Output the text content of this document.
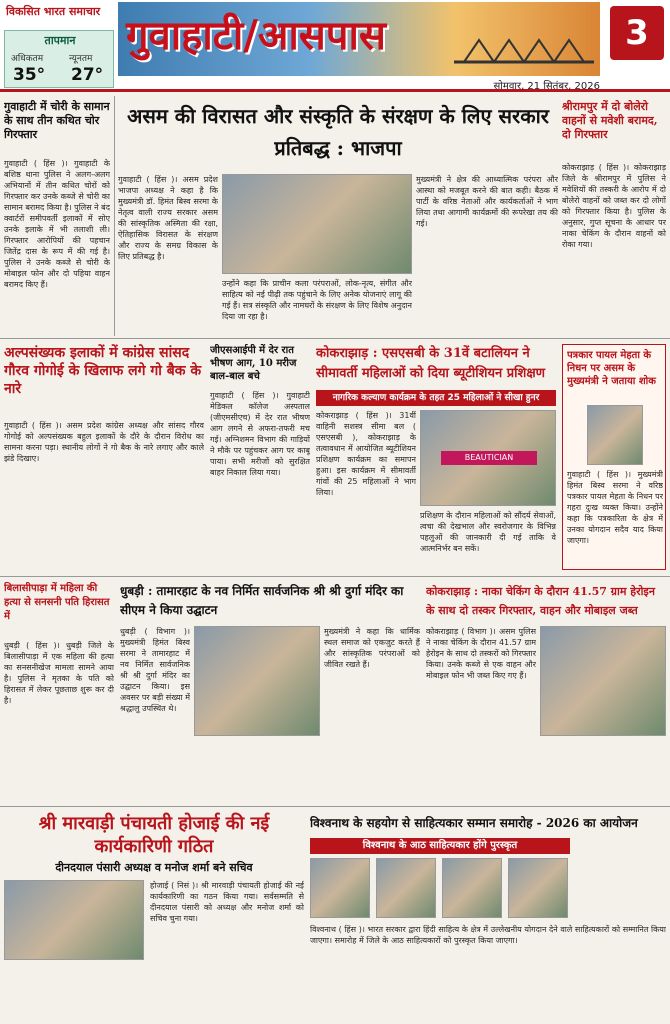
विकसित भारत समाचार
तापमान
अधिकतम	न्यूनतम
35° 27°
गुवाहाटी/आसपास	3
सोमवार, 21 सितंबर, 2026
गुवाहाटी में चोरी के सामान के साथ तीन कथित चोर गिरफ्तार
गुवाहाटी ( हिंस )। गुवाहाटी के बशिष्ठ थाना पुलिस ने अलग-अलग अभियानों में तीन कथित चोरों को गिरफ्तार कर उनके कब्जे से चोरी का सामान बरामद किया है। पुलिस ने बंद क्वार्टरों समीपवर्ती इलाकों में सोए उनके इलाके में भी तलाशी ली। गिरफ्तार आरोपियों की पहचान जितेंद्र दास के रूप में की गई है। पुलिस ने उनके कब्जे से चोरी के मोबाइल फोन और दो पहिया वाहन बरामद किए हैं।
असम की विरासत और संस्कृति के संरक्षण के लिए सरकार प्रतिबद्ध : भाजपा
गुवाहाटी ( हिंस )। असम प्रदेश भाजपा अध्यक्ष ने कहा है कि मुख्यमंत्री डॉ. हिमंत बिस्व सरमा के नेतृत्व वाली राज्य सरकार असम की सांस्कृतिक अस्मिता की रक्षा, ऐतिहासिक विरासत के संरक्षण और राज्य के समग्र विकास के लिए प्रतिबद्ध है।
उन्होंने कहा कि प्राचीन कला परंपराओं, लोक-नृत्य, संगीत और साहित्य को नई पीढ़ी तक पहुंचाने के लिए अनेक योजनाएं लागू की गई हैं। सत्र संस्कृति और नामघरों के संरक्षण के लिए विशेष अनुदान दिया जा रहा है।
मुख्यमंत्री ने क्षेत्र की आध्यात्मिक परंपरा और आस्था को मजबूत करने की बात कही। बैठक में पार्टी के वरिष्ठ नेताओं और कार्यकर्ताओं ने भाग लिया तथा आगामी कार्यक्रमों की रूपरेखा तय की गई।
श्रीरामपुर में दो बोलेरो वाहनों से मवेशी बरामद, दो गिरफ्तार
कोकराझाड़ ( हिंस )। कोकराझाड़ जिले के श्रीरामपुर में पुलिस ने मवेशियों की तस्करी के आरोप में दो बोलेरो वाहनों को जब्त कर दो लोगों को गिरफ्तार किया है। पुलिस के अनुसार, गुप्त सूचना के आधार पर नाका चेकिंग के दौरान वाहनों को रोका गया।
अल्पसंख्यक इलाकों में कांग्रेस सांसद गौरव गोगोई के खिलाफ लगे गो बैक के नारे
गुवाहाटी ( हिंस )। असम प्रदेश कांग्रेस अध्यक्ष और सांसद गौरव गोगोई को अल्पसंख्यक बहुल इलाकों के दौरे के दौरान विरोध का सामना करना पड़ा। स्थानीय लोगों ने गो बैक के नारे लगाए और काले झंडे दिखाए।
जीएसआईपी में देर रात भीषण आग, 10 मरीज बाल-बाल बचे
गुवाहाटी ( हिंस )। गुवाहाटी मेडिकल कॉलेज अस्पताल (जीएमसीएच) में देर रात भीषण आग लगने से अफरा-तफरी मच गई। अग्निशमन विभाग की गाड़ियों ने मौके पर पहुंचकर आग पर काबू पाया। सभी मरीजों को सुरक्षित बाहर निकाल लिया गया।
कोकराझाड़ : एसएसबी के 31वें बटालियन ने सीमावर्ती महिलाओं को दिया ब्यूटीशियन प्रशिक्षण
नागरिक कल्याण कार्यक्रम के तहत 25 महिलाओं ने सीखा हुनर
कोकराझाड़ ( हिंस )। 31वीं वाहिनी सशस्त्र सीमा बल ( एसएसबी ), कोकराझाड़ के तत्वावधान में आयोजित ब्यूटीशियन प्रशिक्षण कार्यक्रम का समापन हुआ। इस कार्यक्रम में सीमावर्ती गांवों की 25 महिलाओं ने भाग लिया।
BEAUTICIAN
प्रशिक्षण के दौरान महिलाओं को सौंदर्य सेवाओं, त्वचा की देखभाल और स्वरोजगार के विभिन्न पहलुओं की जानकारी दी गई ताकि वे आत्मनिर्भर बन सकें।
पत्रकार पायल मेहता के निधन पर असम के मुख्यमंत्री ने जताया शोक
गुवाहाटी ( हिंस )। मुख्यमंत्री हिमंत बिस्व सरमा ने वरिष्ठ पत्रकार पायल मेहता के निधन पर गहरा दुःख व्यक्त किया। उन्होंने कहा कि पत्रकारिता के क्षेत्र में उनका योगदान सदैव याद किया जाएगा।
बिलासीपाड़ा में महिला की हत्या से सनसनी पति हिरासत में
धुबड़ी ( हिंस )। धुबड़ी जिले के बिलासीपाड़ा में एक महिला की हत्या का सनसनीखेज मामला सामने आया है। पुलिस ने मृतका के पति को हिरासत में लेकर पूछताछ शुरू कर दी है।
धुबड़ी : तामारहाट के नव निर्मित सार्वजनिक श्री श्री दुर्गा मंदिर का सीएम ने किया उद्घाटन
धुबड़ी ( विभाग )। मुख्यमंत्री हिमंत बिस्व सरमा ने तामारहाट में नव निर्मित सार्वजनिक श्री श्री दुर्गा मंदिर का उद्घाटन किया। इस अवसर पर बड़ी संख्या में श्रद्धालु उपस्थित थे।
मुख्यमंत्री ने कहा कि धार्मिक स्थल समाज को एकजुट करते हैं और सांस्कृतिक परंपराओं को जीवित रखते हैं।
कोकराझाड़ : नाका चेकिंग के दौरान 41.57 ग्राम हेरोइन के साथ दो तस्कर गिरफ्तार, वाहन और मोबाइल जब्त
कोकराझाड़ ( विभाग )। असम पुलिस ने नाका चेकिंग के दौरान 41.57 ग्राम हेरोइन के साथ दो तस्करों को गिरफ्तार किया। उनके कब्जे से एक वाहन और मोबाइल फोन भी जब्त किए गए हैं।
श्री मारवाड़ी पंचायती होजाई की नई कार्यकारिणी गठित
दीनदयाल पंसारी अध्यक्ष व मनोज शर्मा बने सचिव
होजाई ( निसं )। श्री मारवाड़ी पंचायती होजाई की नई कार्यकारिणी का गठन किया गया। सर्वसम्मति से दीनदयाल पंसारी को अध्यक्ष और मनोज शर्मा को सचिव चुना गया।
विश्वनाथ के सहयोग से साहित्यकार सम्मान समारोह - 2026 का आयोजन
विश्वनाथ के आठ साहित्यकार होंगे पुरस्कृत
विश्वनाथ ( हिंस )। भारत सरकार द्वारा हिंदी साहित्य के क्षेत्र में उल्लेखनीय योगदान देने वाले साहित्यकारों को सम्मानित किया जाएगा। समारोह में जिले के आठ साहित्यकारों को पुरस्कृत किया जाएगा।
